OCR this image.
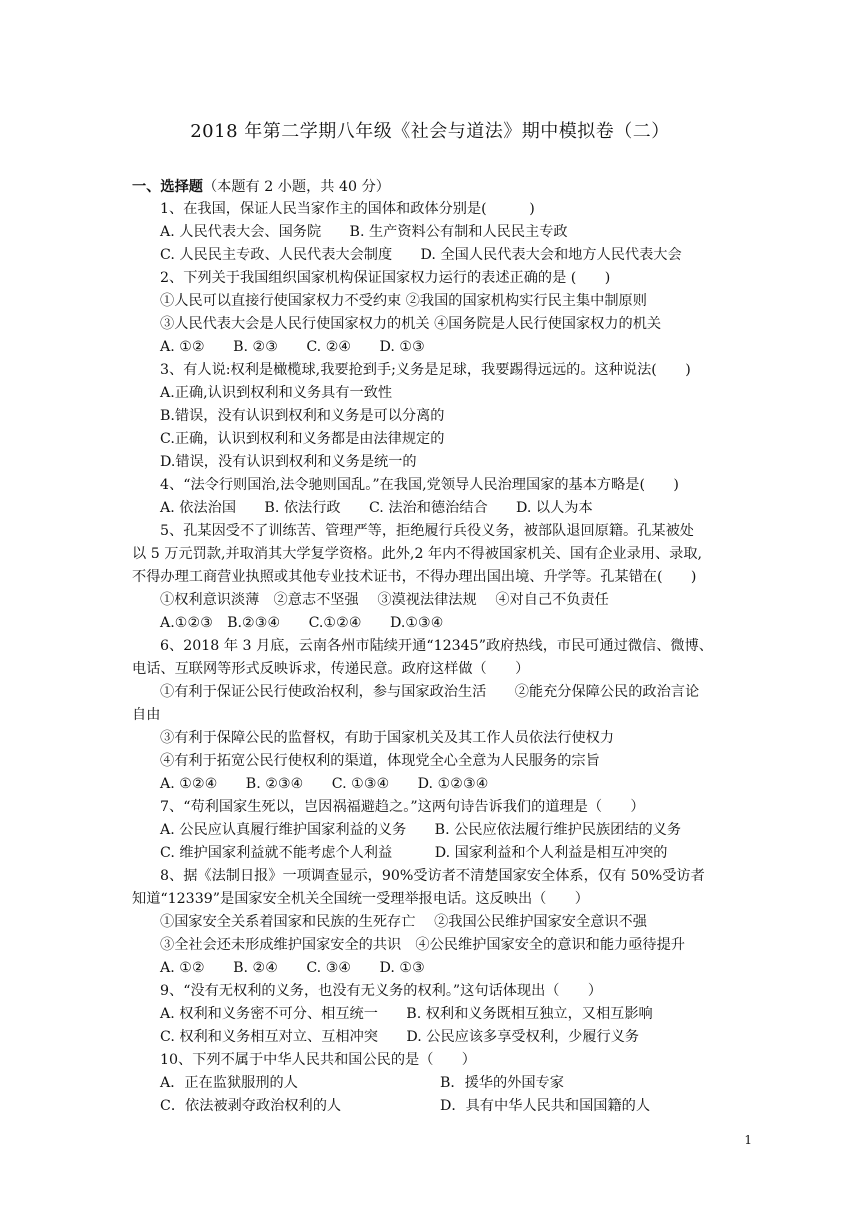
2018 年第二学期八年级《社会与道法》期中模拟卷（二）
一、选择题（本题有 2 小题，共 40 分）
1、在我国，保证人民当家作主的国体和政体分别是(　　　)
A. 人民代表大会、国务院　　B. 生产资料公有制和人民民主专政
C. 人民民主专政、人民代表大会制度　　D. 全国人民代表大会和地方人民代表大会
2、下列关于我国组织国家机构保证国家权力运行的表述正确的是 (　　)
①人民可以直接行使国家权力不受约束 ②我国的国家机构实行民主集中制原则
③人民代表大会是人民行使国家权力的机关 ④国务院是人民行使国家权力的机关
A. ①②　　B. ②③　　C. ②④　　D. ①③
3、有人说:权利是橄榄球,我要抢到手;义务是足球，我要踢得远远的。这种说法(　　)
A.正确,认识到权利和义务具有一致性
B.错误，没有认识到权利和义务是可以分离的
C.正确，认识到权利和义务都是由法律规定的
D.错误，没有认识到权利和义务是统一的
4、“法令行则国治,法令驰则国乱。”在我国,党领导人民治理国家的基本方略是(　　)
A. 依法治国　　B. 依法行政　　C. 法治和德治结合　　D. 以人为本
5、孔某因受不了训练苦、管理严等，拒绝履行兵役义务，被部队退回原籍。孔某被处
以 5 万元罚款,并取消其大学复学资格。此外,2 年内不得被国家机关、国有企业录用、录取,
不得办理工商营业执照或其他专业技术证书，不得办理出国出境、升学等。孔某错在(　　)
①权利意识淡薄　②意志不坚强　 ③漠视法律法规　 ④对自己不负责任
A.①②③　B.②③④　　C.①②④　　D.①③④
6、2018 年 3 月底，云南各州市陆续开通“12345”政府热线，市民可通过微信、微博、
电话、互联网等形式反映诉求，传递民意。政府这样做（　　）
①有利于保证公民行使政治权利，参与国家政治生活　　②能充分保障公民的政治言论
自由
③有利于保障公民的监督权，有助于国家机关及其工作人员依法行使权力
④有利于拓宽公民行使权利的渠道，体现党全心全意为人民服务的宗旨
A. ①②④　　B. ②③④　　C. ①③④　　D. ①②③④
7、“苟利国家生死以，岂因祸福避趋之。”这两句诗告诉我们的道理是（　　）
A. 公民应认真履行维护国家利益的义务　　B. 公民应依法履行维护民族团结的义务
C. 维护国家利益就不能考虑个人利益　　　D. 国家利益和个人利益是相互冲突的
8、据《法制日报》一项调查显示，90%受访者不清楚国家安全体系，仅有 50%受访者
知道“12339”是国家安全机关全国统一受理举报电话。这反映出（　　）
①国家安全关系着国家和民族的生死存亡　 ②我国公民维护国家安全意识不强
③全社会还未形成维护国家安全的共识　④公民维护国家安全的意识和能力亟待提升
A. ①②　　B. ②④　　C. ③④　　D. ①③
9、“没有无权利的义务，也没有无义务的权利。”这句话体现出（　　）
A. 权利和义务密不可分、相互统一　　B. 权利和义务既相互独立，又相互影响
C. 权利和义务相互对立、互相冲突　　D. 公民应该多享受权利，少履行义务
10、下列不属于中华人民共和国公民的是（　　）
A．正在监狱服刑的人	B．援华的外国专家
C．依法被剥夺政治权利的人	D．具有中华人民共和国国籍的人
1
